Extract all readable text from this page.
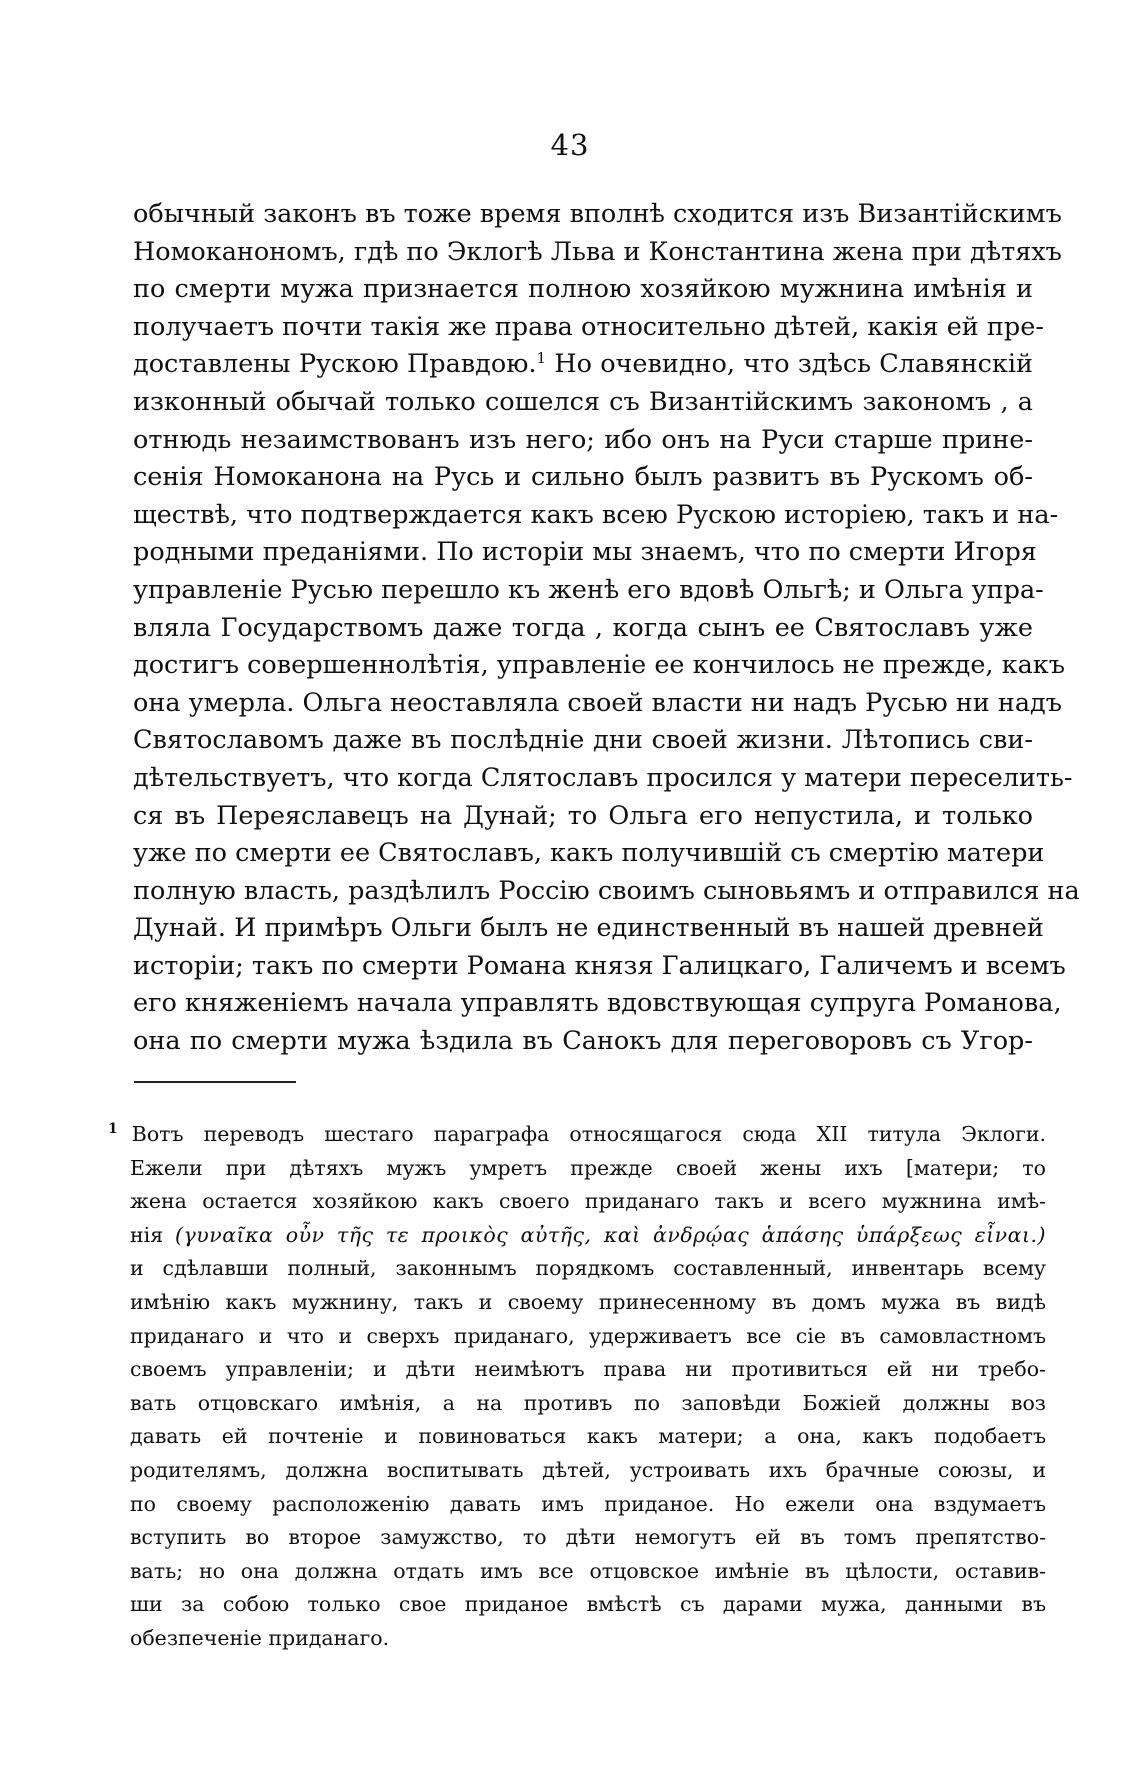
43
обычный законъ въ тоже время вполнѣ сходится изъ Византійскимъ
Номоканономъ, гдѣ по Эклогѣ Льва и Константина жена при дѣтяхъ
по смерти мужа признается полною хозяйкою мужнина имѣнія и
получаетъ почти такія же права относительно дѣтей, какія ей пре-
доставлены Рускою Правдою.$^1$ Но очевидно, что здѣсь Славянскій
изконный обычай только сошелся съ Византійскимъ закономъ , а
отнюдь незаимствованъ изъ него; ибо онъ на Руси старше принe-
сенія Номоканона на Русь и сильно былъ развитъ въ Рускомъ об-
ществѣ, что подтверждается какъ всею Рускою исторіею, такъ и на-
родными преданіями. По исторіи мы знаемъ, что по смерти Игоря
управленіе Русью перешло къ женѣ его вдовѣ Ольгѣ; и Ольга упра-
вляла Государствомъ даже тогда , когда сынъ ее Святославъ уже
достигъ совершеннолѣтія, управленіе ее кончилось не прежде, какъ
она умерла. Ольга неоставляла своей власти ни надъ Русью ни надъ
Святославомъ даже въ послѣдніе дни своей жизни. Лѣтопись сви-
дѣтельствуетъ, что когда Слятославъ просился у матери переселить-
ся въ Переяславецъ на Дунай; то Ольга его непустила, и только
уже по смерти ее Святославъ, какъ получившій съ смертію матери
полную власть, раздѣлилъ Россію своимъ сыновьямъ и отправился на
Дунай. И примѣръ Ольги былъ не единственный въ нашей древней
исторіи; такъ по смерти Романа князя Галицкаго, Галичемъ и всемъ
его княженіемъ начала управлять вдовствующая супруга Романова,
она по смерти мужа ѣздила въ Санокъ для переговоровъ съ Угор-
1 Вотъ переводъ шестаго параграфа относящагося сюда XII титула Эклоги.
Ежели при дѣтяхъ мужъ умретъ прежде своей жены ихъ [матери; то
жена остается хозяйкою какъ своего приданаго такъ и всего мужнина имѣ-
нія (γυναῖκα οὖν τῆς τε προικὸς αὐτῆς, καὶ ἀνδρῴας ἁπάσης ὑπάρξεως εἶναι.)
и сдѣлавши полный, законнымъ порядкомъ составленный, инвентарь всему
имѣнію какъ мужнину, такъ и своему принесенному въ домъ мужа въ видѣ
приданаго и что и сверхъ приданаго, удерживаетъ все сіе въ самовластномъ
своемъ управленіи; и дѣти неимѣютъ права ни противиться ей ни требо-
вать отцовскаго имѣнія, а на противъ по заповѣди Божіей должны воз
давать ей почтеніе и повиноваться какъ матери; а она, какъ подобаетъ
родителямъ, должна воспитывать дѣтей, устроивать ихъ брачные союзы, и
по своему расположенію давать имъ приданое. Но ежели она вздумаетъ
вступить во второе замужство, то дѣти немогутъ ей въ томъ препятство-
вать; но она должна отдать имъ все отцовское имѣніе въ цѣлости, оставив-
ши за собою только свое приданое вмѣстѣ съ дарами мужа, данными въ
обезпеченіе приданаго.
